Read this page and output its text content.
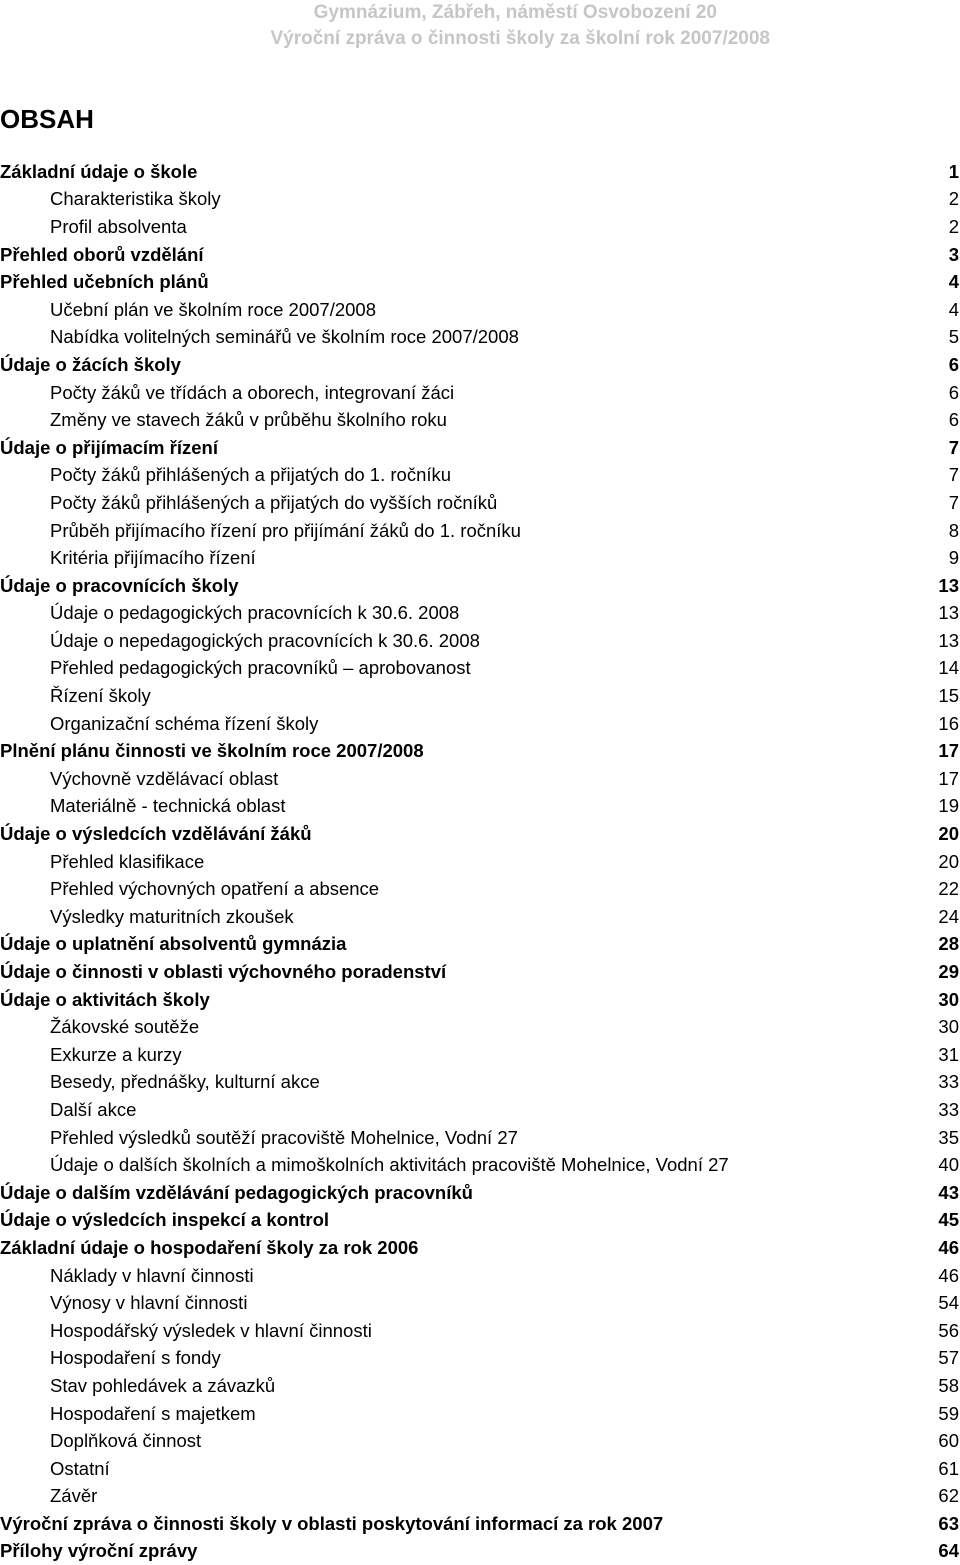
Gymnázium, Zábřeh, náměstí Osvobození 20
Výroční zpráva o činnosti školy za školní rok 2007/2008
OBSAH
Základní údaje o škole	1
Charakteristika školy	2
Profil absolventa	2
Přehled oborů vzdělání	3
Přehled učebních plánů	4
Učební plán ve školním roce 2007/2008	4
Nabídka volitelných seminářů ve školním roce 2007/2008	5
Údaje o žácích školy	6
Počty žáků ve třídách a oborech, integrovaní žáci	6
Změny ve stavech žáků v průběhu školního roku	6
Údaje o přijímacím řízení	7
Počty žáků přihlášených a přijatých do 1. ročníku	7
Počty žáků přihlášených a přijatých do vyšších ročníků	7
Průběh přijímacího řízení pro přijímání žáků do 1. ročníku	8
Kritéria přijímacího řízení	9
Údaje o pracovnících školy	13
Údaje o pedagogických pracovnících k 30.6. 2008	13
Údaje o nepedagogických pracovnících k 30.6. 2008	13
Přehled pedagogických pracovníků – aprobovanost	14
Řízení školy	15
Organizační schéma řízení školy	16
Plnění plánu činnosti ve školním roce 2007/2008	17
Výchovně vzdělávací oblast	17
Materiálně - technická oblast	19
Údaje o výsledcích vzdělávání žáků	20
Přehled klasifikace	20
Přehled výchovných opatření a absence	22
Výsledky maturitních zkoušek	24
Údaje o uplatnění absolventů gymnázia	28
Údaje o činnosti v oblasti výchovného poradenství	29
Údaje o aktivitách školy	30
Žákovské soutěže	30
Exkurze a kurzy	31
Besedy, přednášky, kulturní akce	33
Další akce	33
Přehled výsledků soutěží pracoviště Mohelnice, Vodní 27	35
Údaje o dalších školních a mimoškolních aktivitách pracoviště Mohelnice, Vodní 27	40
Údaje o dalším vzdělávání pedagogických pracovníků	43
Údaje o výsledcích inspekcí a kontrol	45
Základní údaje o hospodaření školy za rok 2006	46
Náklady v hlavní činnosti	46
Výnosy v hlavní činnosti	54
Hospodářský výsledek v hlavní činnosti	56
Hospodaření s fondy	57
Stav pohledávek a závazků	58
Hospodaření s majetkem	59
Doplňková činnost	60
Ostatní	61
Závěr	62
Výroční zpráva o činnosti školy v oblasti poskytování informací za rok 2007	63
Přílohy výroční zprávy	64
